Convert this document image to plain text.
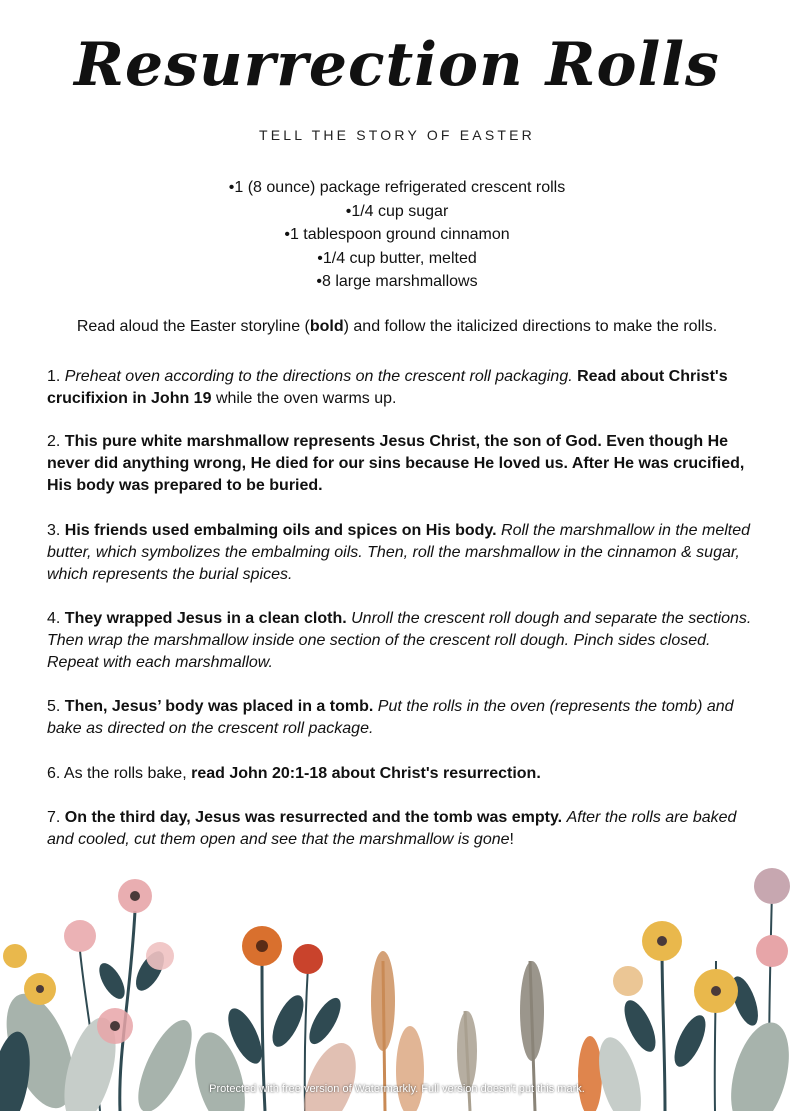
Resurrection Rolls
TELL THE STORY OF EASTER
• 1 (8 ounce) package refrigerated crescent rolls
• 1/4 cup sugar
• 1 tablespoon ground cinnamon
• 1/4 cup butter, melted
• 8 large marshmallows
Read aloud the Easter storyline (bold) and follow the italicized directions to make the rolls.
1. Preheat oven according to the directions on the crescent roll packaging. Read about Christ's crucifixion in John 19 while the oven warms up.
2. This pure white marshmallow represents Jesus Christ, the son of God. Even though He never did anything wrong, He died for our sins because He loved us. After He was crucified, His body was prepared to be buried.
3. His friends used embalming oils and spices on His body. Roll the marshmallow in the melted butter, which symbolizes the embalming oils. Then, roll the marshmallow in the cinnamon & sugar, which represents the burial spices.
4. They wrapped Jesus in a clean cloth. Unroll the crescent roll dough and separate the sections. Then wrap the marshmallow inside one section of the crescent roll dough. Pinch sides closed. Repeat with each marshmallow.
5. Then, Jesus’ body was placed in a tomb. Put the rolls in the oven (represents the tomb) and bake as directed on the crescent roll package.
6. As the rolls bake, read John 20:1-18 about Christ's resurrection.
7. On the third day, Jesus was resurrected and the tomb was empty. After the rolls are baked and cooled, cut them open and see that the marshmallow is gone!
Protected with free version of Watermarkly. Full version doesn't put this mark.
